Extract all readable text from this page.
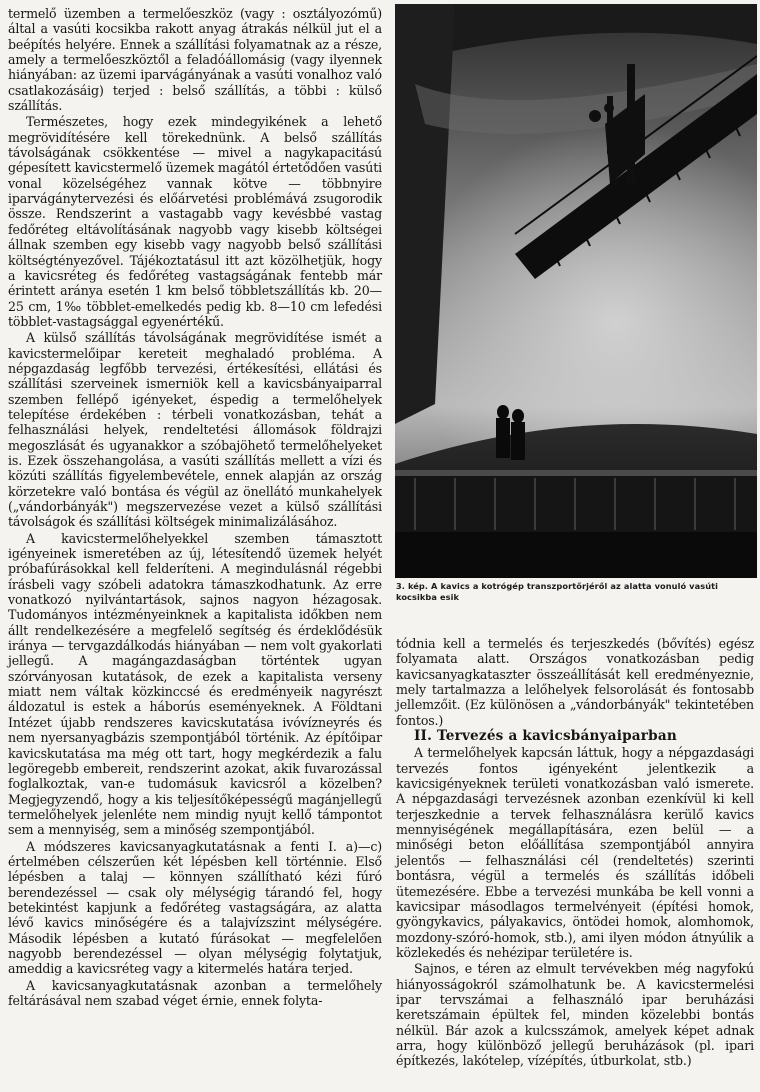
termelő üzemben a termelőeszköz (vagy : osztályozómű) által a vasúti kocsikba rakott anyag átrakás nélkül jut el a beépítés helyére. Ennek a szállítási folyamatnak az a része, amely a termelőeszköztől a feladóállomásig (vagy ilyennek hiányában: az üzemi iparvágányának a vasúti vonalhoz való csatlakozásáig) terjed : belső szállítás, a többi : külső szállítás.

Természetes, hogy ezek mindegyikének a lehető megrövidítésére kell törekednünk. A belső szállítás távolságának csökkentése — mivel a nagykapacitású gépesített kavicstermelő üzemek magától értetődően vasúti vonal közelségéhez vannak kötve — többnyire iparvágánytervezési és előárvetési problémává zsugorodik össze. Rendszerint a vastagabb vagy kevésbbé vastag fedőréteg eltávolításának nagyobb vagy kisebb költségei állnak szemben egy kisebb vagy nagyobb belső szállítási költségtényezővel. Tájékoztatásul itt azt közölhetjük, hogy a kavicsréteg és fedőréteg vastagságának fentebb már érintett aránya esetén 1 km belső többletszállítás kb. 20—25 cm, 1‰ többlet-emelkedés pedig kb. 8—10 cm lefedési többlet-vastagsággal egyenértékű.

A külső szállítás távolságának megrövidítése ismét a kavicstermelőipar kereteit meghaladó probléma. A népgazdaság legfőbb tervezési, értékesítési, ellátási és szállítási szerveinek ismerniök kell a kavicsbányaiparral szemben fellépő igényeket, éspedig a termelőhelyek telepítése érdekében : térbeli vonatkozásban, tehát a felhasználási helyek, rendeltetési állomások földrajzi megoszlását és ugyanakkor a szóbajöhető termelőhelyeket is. Ezek összehangolása, a vasúti szállítás mellett a vízi és közúti szállítás figyelembevétele, ennek alapján az ország körzetekre való bontása és végül az önellátó munkahelyek („vándorbányák") megszervezése vezet a külső szállítási távolságok és szállítási költségek minimalizálásához.

A kavicstermelőhelyekkel szemben támasztott igényeinek ismeretében az új, létesítendő üzemek helyét próbafúrásokkal kell felderíteni. A megindulásnál régebbi írásbeli vagy szóbeli adatokra támaszkodhatunk. Az erre vonatkozó nyilvántartások, sajnos nagyon hézagosak. Tudományos intézményeinknek a kapitalista időkben nem állt rendelkezésére a megfelelő segítség és érdeklődésük iránya — tervgazdálkodás hiányában — nem volt gyakorlati jellegű. A magángazdaságban történtek ugyan szórványosan kutatások, de ezek a kapitalista verseny miatt nem váltak közkinccsé és eredményeik nagyrészt áldozatul is estek a háborús eseményeknek. A Földtani Intézet újabb rendszeres kavicskutatása ivóvízneyrés és nem nyersanyagbázis szempontjából történik. Az építőipar kavicskutatása ma még ott tart, hogy megkérdezik a falu legöregebb embereit, rendszerint azokat, akik fuvarozással foglalkoztak, van-e tudomásuk kavicsról a közelben? Megjegyzendő, hogy a kis teljesítőképességű magánjellegű termelőhelyek jelenléte nem mindig nyujt kellő támpontot sem a mennyiség, sem a minőség szempontjából.

A módszeres kavicsanyagkutatásnak a fenti I. a)—c) értelmében célszerűen két lépésben kell történnie. Első lépésben a talaj — könnyen szállítható kézi fúró berendezéssel — csak oly mélységig tárandó fel, hogy betekintést kapjunk a fedőréteg vastagságára, az alatta lévő kavics minőségére és a talajvízszint mélységére. Második lépésben a kutató fúrásokat — megfelelően nagyobb berendezéssel — olyan mélységig folytatjuk, ameddig a kavicsréteg vagy a kitermelés határa terjed.

A kavicsanyagkutatásnak azonban a termelőhely feltárásával nem szabad véget érnie, ennek folyta-

3. kép. A kavics a kotrógép transzportőrjéről az alatta vonuló vasúti kocsikba esik

tódnia kell a termelés és terjeszkedés (bővítés) egész folyamata alatt. Országos vonatkozásban pedig kavicsanyagkataszter összeállítását kell eredményeznie, mely tartalmazza a lelőhelyek felsorolását és fontosabb jellemzőit. (Ez különösen a „vándorbányák" tekintetében fontos.)

II. Tervezés a kavicsbányaiparban

A termelőhelyek kapcsán láttuk, hogy a népgazdasági tervezés fontos igényeként jelentkezik a kavicsigényeknek területi vonatkozásban való ismerete. A népgazdasági tervezésnek azonban ezenkívül ki kell terjeszkednie a tervek felhasználásra kerülő kavics mennyiségének megállapítására, ezen belül — a minőségi beton előállítása szempontjából annyira jelentős — felhasználási cél (rendeltetés) szerinti bontásra, végül a termelés és szállítás időbeli ütemezésére. Ebbe a tervezési munkába be kell vonni a kavicsipar másodlagos termelvényeit (építési homok, gyöngykavics, pályakavics, öntödei homok, alomhomok, mozdony-szóró-homok, stb.), ami ilyen módon átnyúlik a közlekedés és nehézipar területére is.

Sajnos, e téren az elmult tervévekben még nagyfokú hiányosságokról számolhatunk be. A kavicstermelési ipar tervszámai a felhasználó ipar beruházási keretszámain épültek fel, minden közelebbi bontás nélkül. Bár azok a kulcsszámok, amelyek képet adnak arra, hogy különböző jellegű beruházások (pl. ipari építkezés, lakótelep, vízépítés, útburkolat, stb.)
